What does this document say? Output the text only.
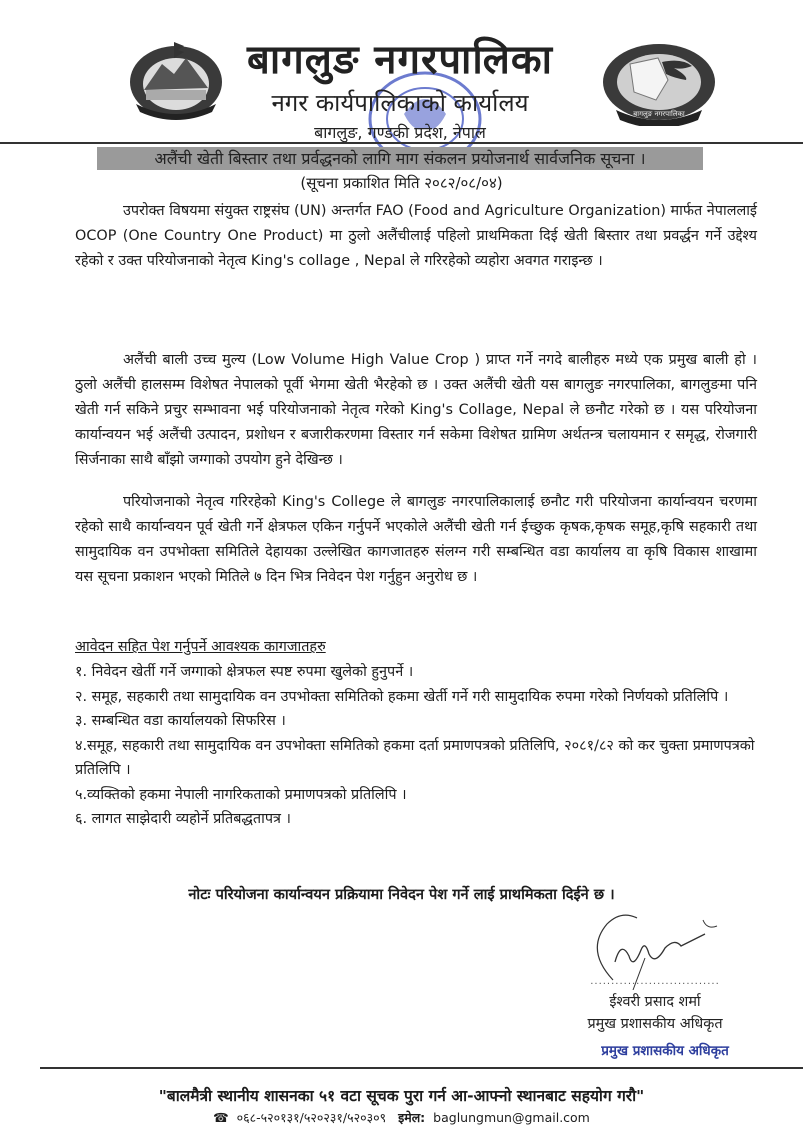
बागलुङ नगरपालिका
बागलुङ नगरपालिका
नगर कार्यपालिकाको कार्यालय
बागलुङ, गण्डकी प्रदेश, नेपाल
अलैंची खेती बिस्तार तथा प्रर्वद्धनको लागि माग संकलन प्रयोजनार्थ सार्वजनिक सूचना ।
(सूचना प्रकाशित मिति २०८२/०८/०४)
उपरोक्त विषयमा संयुक्त राष्ट्रसंघ (UN) अन्तर्गत FAO (Food and Agriculture Organization) मार्फत नेपाललाई OCOP (One Country One Product) मा ठुलो अलैंचीलाई पहिलो प्राथमिकता दिई खेती बिस्तार तथा प्रवर्द्धन गर्ने उद्देश्य रहेको र उक्त परियोजनाको नेतृत्व King's collage , Nepal ले गरिरहेको व्यहोरा अवगत गराइन्छ ।
अलैंची बाली उच्च मुल्य (Low Volume High Value Crop ) प्राप्त गर्ने नगदे बालीहरु मध्ये एक प्रमुख बाली हो । ठुलो अलैंची हालसम्म विशेषत नेपालको पूर्वी भेगमा खेती भैरहेको छ । उक्त अलैंची खेती यस बागलुङ नगरपालिका, बागलुङमा पनि खेती गर्न सकिने प्रचुर सम्भावना भई परियोजनाको नेतृत्व गरेको King's Collage, Nepal ले छनौट गरेको छ । यस परियोजना कार्यान्वयन भई अलैंची उत्पादन, प्रशोधन र बजारीकरणमा विस्तार गर्न सकेमा विशेषत ग्रामिण अर्थतन्त्र चलायमान र समृद्ध, रोजगारी सिर्जनाका साथै बाँझो जग्गाको उपयोग हुने देखिन्छ ।
परियोजनाको नेतृत्व गरिरहेको King's College ले बागलुङ नगरपालिकालाई छनौट गरी परियोजना कार्यान्वयन चरणमा रहेको साथै कार्यान्वयन पूर्व खेती गर्ने क्षेत्रफल एकिन गर्नुपर्ने भएकोले अलैंची खेती गर्न ईच्छुक कृषक,कृषक समूह,कृषि सहकारी तथा सामुदायिक वन उपभोक्ता समितिले देहायका उल्लेखित कागजातहरु संलग्न गरी सम्बन्धित वडा कार्यालय वा कृषि विकास शाखामा यस सूचना प्रकाशन भएको मितिले ७ दिन भित्र निवेदन पेश गर्नुहुन अनुरोध छ ।
आवेदन सहित पेश गर्नुपर्ने आवश्यक कागजातहरु
१. निवेदन खेर्ती गर्ने जग्गाको क्षेत्रफल स्पष्ट रुपमा खुलेको हुनुपर्ने ।
२. समूह, सहकारी तथा सामुदायिक वन उपभोक्ता समितिको हकमा खेर्ती गर्ने गरी सामुदायिक रुपमा गरेको निर्णयको प्रतिलिपि ।
३. सम्बन्धित वडा कार्यालयको सिफरिस ।
४.समूह, सहकारी तथा सामुदायिक वन उपभोक्ता समितिको हकमा दर्ता प्रमाणपत्रको प्रतिलिपि, २०८१/८२ को कर चुक्ता प्रमाणपत्रको प्रतिलिपि ।
५.व्यक्तिको हकमा नेपाली नागरिकताको प्रमाणपत्रको प्रतिलिपि ।
६. लागत साझेदारी व्यहोर्ने प्रतिबद्धतापत्र ।
नोटः परियोजना कार्यान्वयन प्रक्रियामा निवेदन पेश गर्ने लाई प्राथमिकता दिईने छ ।
...............................
ईश्वरी प्रसाद शर्मा
प्रमुख प्रशासकीय अधिकृत
प्रमुख प्रशासकीय अधिकृत
"बालमैत्री स्थानीय शासनका ५१ वटा सूचक पुरा गर्न आ-आफ्नो स्थानबाट सहयोग गरौ"
☎ ०६८-५२०१३१/५२०२३१/५२०३०९ इमेल: baglungmun@gmail.com
